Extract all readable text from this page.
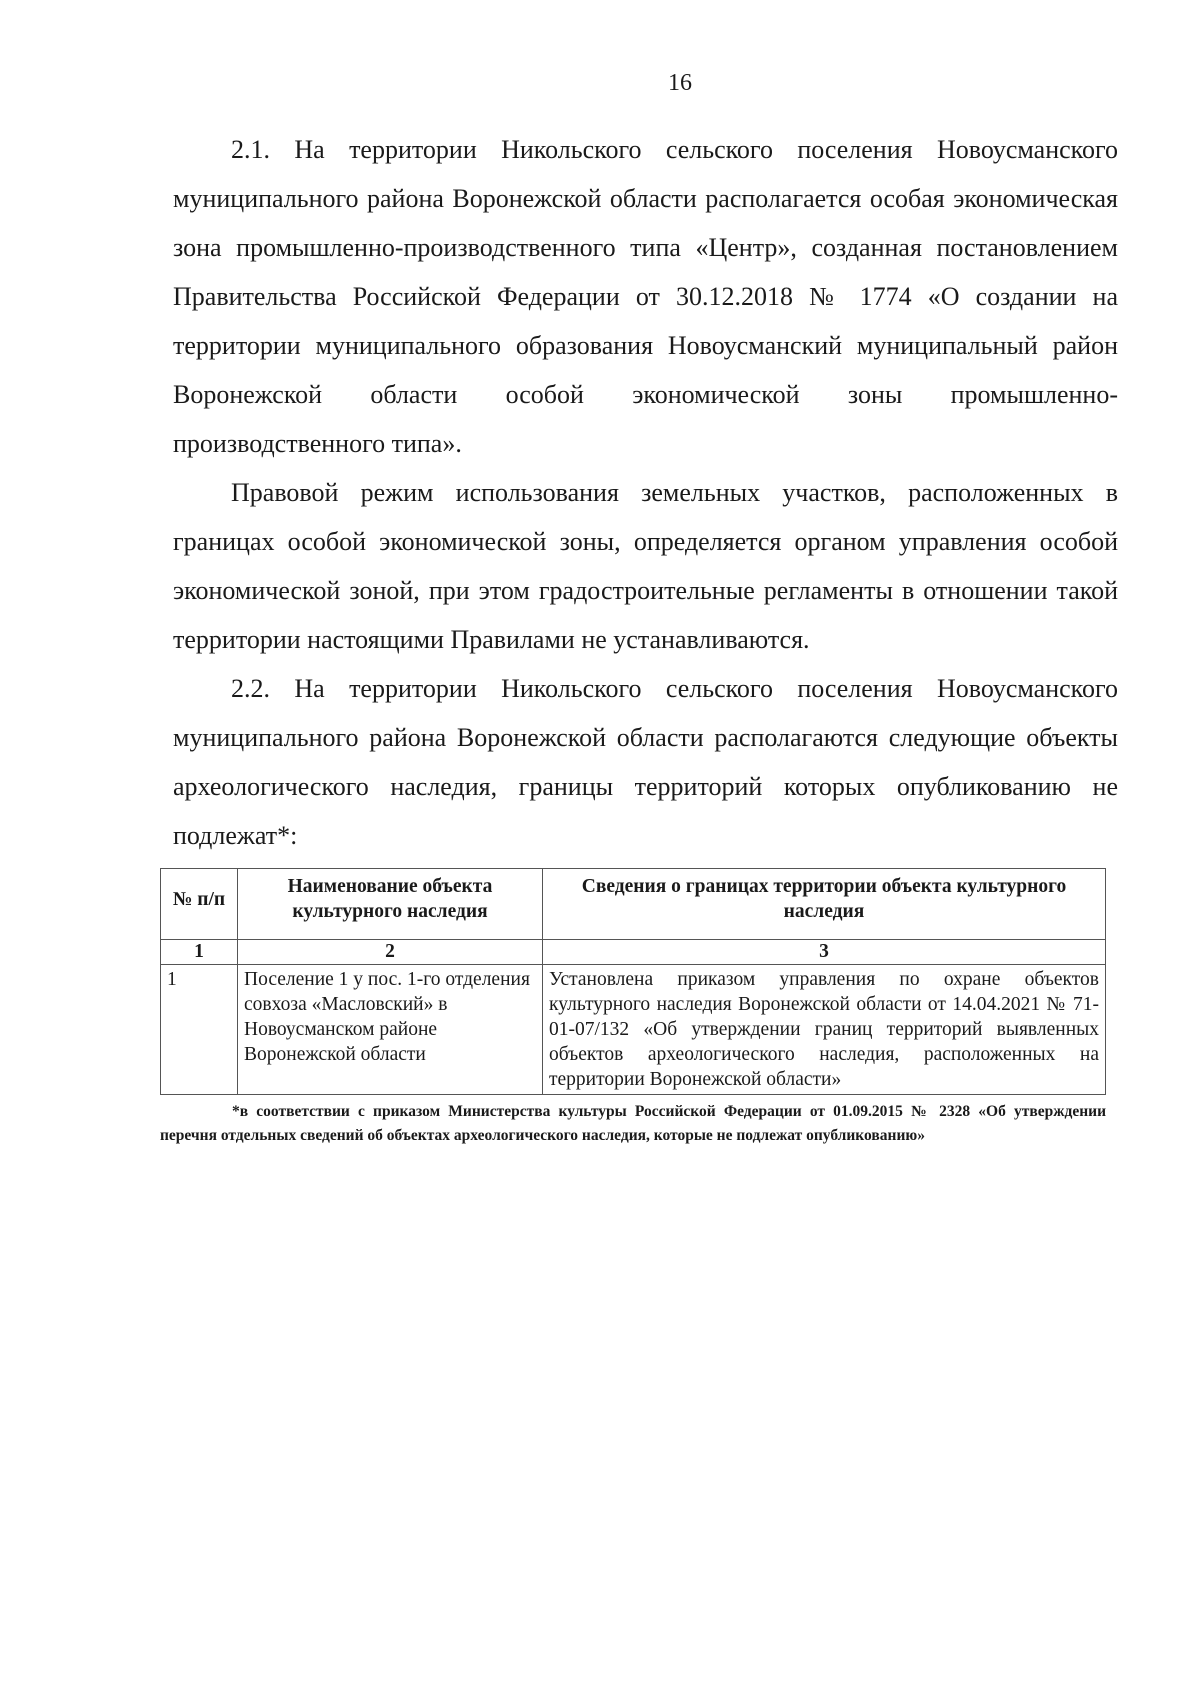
16

2.1. На территории Никольского сельского поселения Новоусманского муниципального района Воронежской области располагается особая экономическая зона промышленно-производственного типа «Центр», созданная постановлением Правительства Российской Федерации от 30.12.2018 № 1774 «О создании на территории муниципального образования Новоусманский муниципальный район Воронежской области особой экономической зоны промышленно-производственного типа».

Правовой режим использования земельных участков, расположенных в границах особой экономической зоны, определяется органом управления особой экономической зоной, при этом градостроительные регламенты в отношении такой территории настоящими Правилами не устанавливаются.

2.2. На территории Никольского сельского поселения Новоусманского муниципального района Воронежской области располагаются следующие объекты археологического наследия, границы территорий которых опубликованию не подлежат*:

№ п/п	Наименование объекта культурного наследия	Сведения о границах территории объекта культурного наследия
1	2	3
1	Поселение 1 у пос. 1-го отделения совхоза «Масловский» в Новоусманском районе Воронежской области	Установлена приказом управления по охране объектов культурного наследия Воронежской области от 14.04.2021 № 71-01-07/132 «Об утверждении границ территорий выявленных объектов археологического наследия, расположенных на территории Воронежской области»

*в соответствии с приказом Министерства культуры Российской Федерации от 01.09.2015 № 2328 «Об утверждении перечня отдельных сведений об объектах археологического наследия, которые не подлежат опубликованию»
